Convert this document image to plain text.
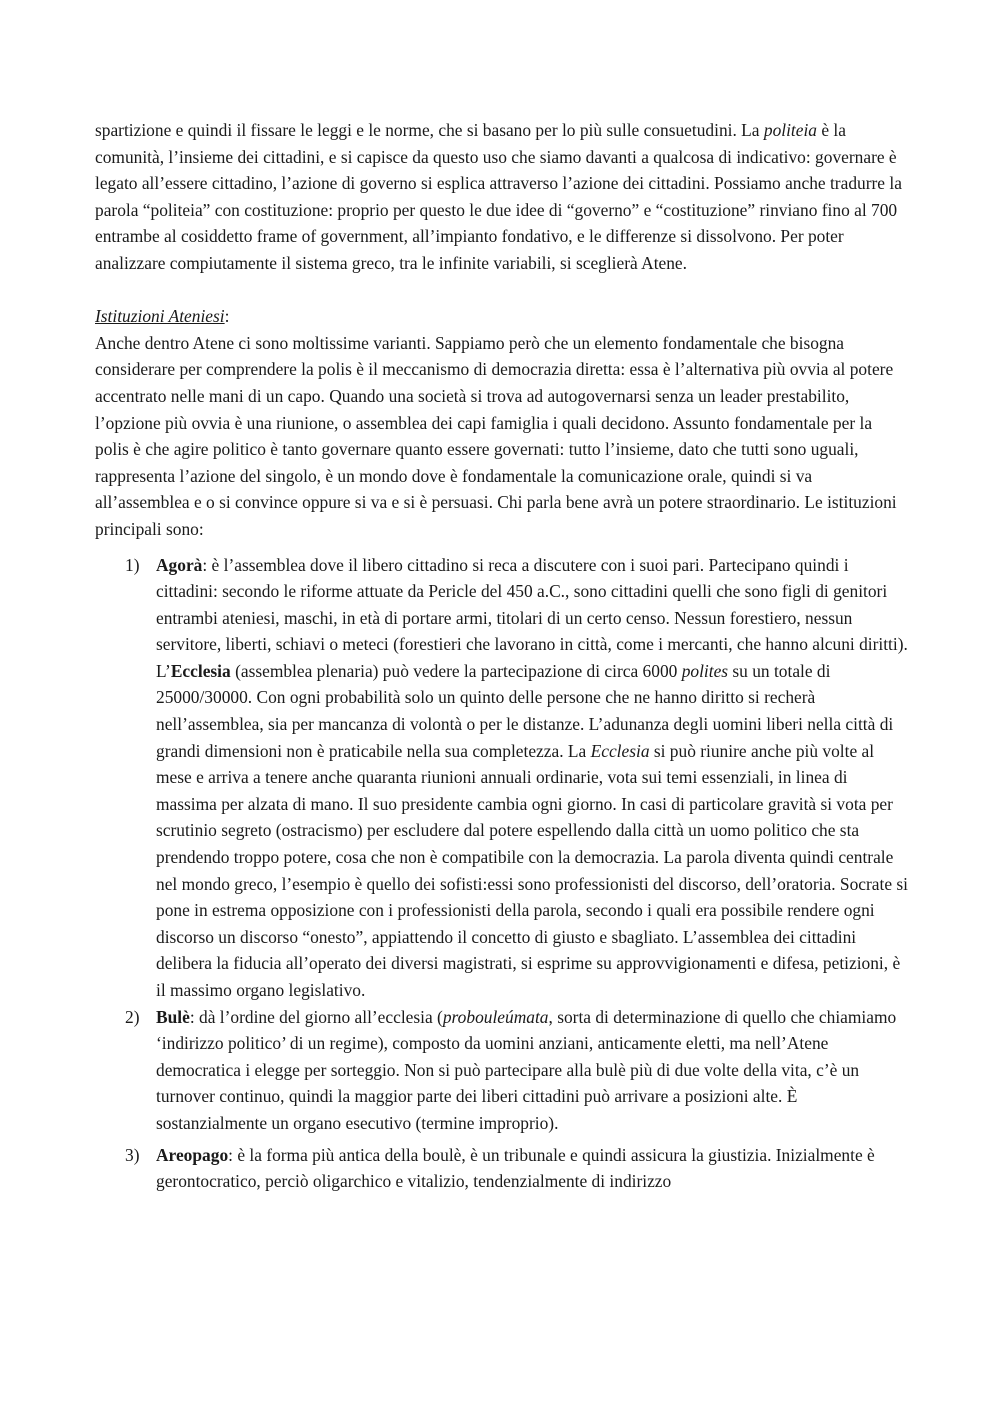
spartizione e quindi il fissare le leggi e le norme, che si basano per lo più sulle consuetudini. La politeia è la comunità, l’insieme dei cittadini, e si capisce da questo uso che siamo davanti a qualcosa di indicativo: governare è legato all’essere cittadino, l’azione di governo si esplica attraverso l’azione dei cittadini. Possiamo anche tradurre la parola “politeia” con costituzione: proprio per questo le due idee di “governo” e “costituzione” rinviano fino al 700 entrambe al cosiddetto frame of government, all’impianto fondativo, e le differenze si dissolvono. Per poter analizzare compiutamente il sistema greco, tra le infinite variabili, si sceglierà Atene.

Istituzioni Ateniesi:

Anche dentro Atene ci sono moltissime varianti. Sappiamo però che un elemento fondamentale che bisogna considerare per comprendere la polis è il meccanismo di democrazia diretta: essa è l’alternativa più ovvia al potere accentrato nelle mani di un capo. Quando una società si trova ad autogovernarsi senza un leader prestabilito, l’opzione più ovvia è una riunione, o assemblea dei capi famiglia i quali decidono. Assunto fondamentale per la polis è che agire politico è tanto governare quanto essere governati: tutto l’insieme, dato che tutti sono uguali, rappresenta l’azione del singolo, è un mondo dove è fondamentale la comunicazione orale, quindi si va all’assemblea e o si convince oppure si va e si è persuasi. Chi parla bene avrà un potere straordinario. Le istituzioni principali sono:

1) Agorà: è l’assemblea dove il libero cittadino si reca a discutere con i suoi pari. Partecipano quindi i cittadini: secondo le riforme attuate da Pericle del 450 a.C., sono cittadini quelli che sono figli di genitori entrambi ateniesi, maschi, in età di portare armi, titolari di un certo censo. Nessun forestiero, nessun servitore, liberti, schiavi o meteci (forestieri che lavorano in città, come i mercanti, che hanno alcuni diritti). L’Ecclesia (assemblea plenaria) può vedere la partecipazione di circa 6000 polites su un totale di 25000/30000. Con ogni probabilità solo un quinto delle persone che ne hanno diritto si recherà nell’assemblea, sia per mancanza di volontà o per le distanze. L’adunanza degli uomini liberi nella città di grandi dimensioni non è praticabile nella sua completezza. La Ecclesia si può riunire anche più volte al mese e arriva a tenere anche quaranta riunioni annuali ordinarie, vota sui temi essenziali, in linea di massima per alzata di mano. Il suo presidente cambia ogni giorno. In casi di particolare gravità si vota per scrutinio segreto (ostracismo) per escludere dal potere espellendo dalla città un uomo politico che sta prendendo troppo potere, cosa che non è compatibile con la democrazia. La parola diventa quindi centrale nel mondo greco, l’esempio è quello dei sofisti:essi sono professionisti del discorso, dell’oratoria. Socrate si pone in estrema opposizione con i professionisti della parola, secondo i quali era possibile rendere ogni discorso un discorso “onesto”, appiattendo il concetto di giusto e sbagliato. L’assemblea dei cittadini delibera la fiducia all’operato dei diversi magistrati, si esprime su approvvigionamenti e difesa, petizioni, è il massimo organo legislativo.
2) Bulè: dà l’ordine del giorno all’ecclesia (probouleúmata, sorta di determinazione di quello che chiamiamo ‘indirizzo politico’ di un regime), composto da uomini anziani, anticamente eletti, ma nell’Atene democratica i elegge per sorteggio. Non si può partecipare alla bulè più di due volte della vita, c’è un turnover continuo, quindi la maggior parte dei liberi cittadini può arrivare a posizioni alte. È sostanzialmente un organo esecutivo (termine improprio).
3) Areopago: è la forma più antica della boulè, è un tribunale e quindi assicura la giustizia. Inizialmente è gerontocratico, perciò oligarchico e vitalizio, tendenzialmente di indirizzo
